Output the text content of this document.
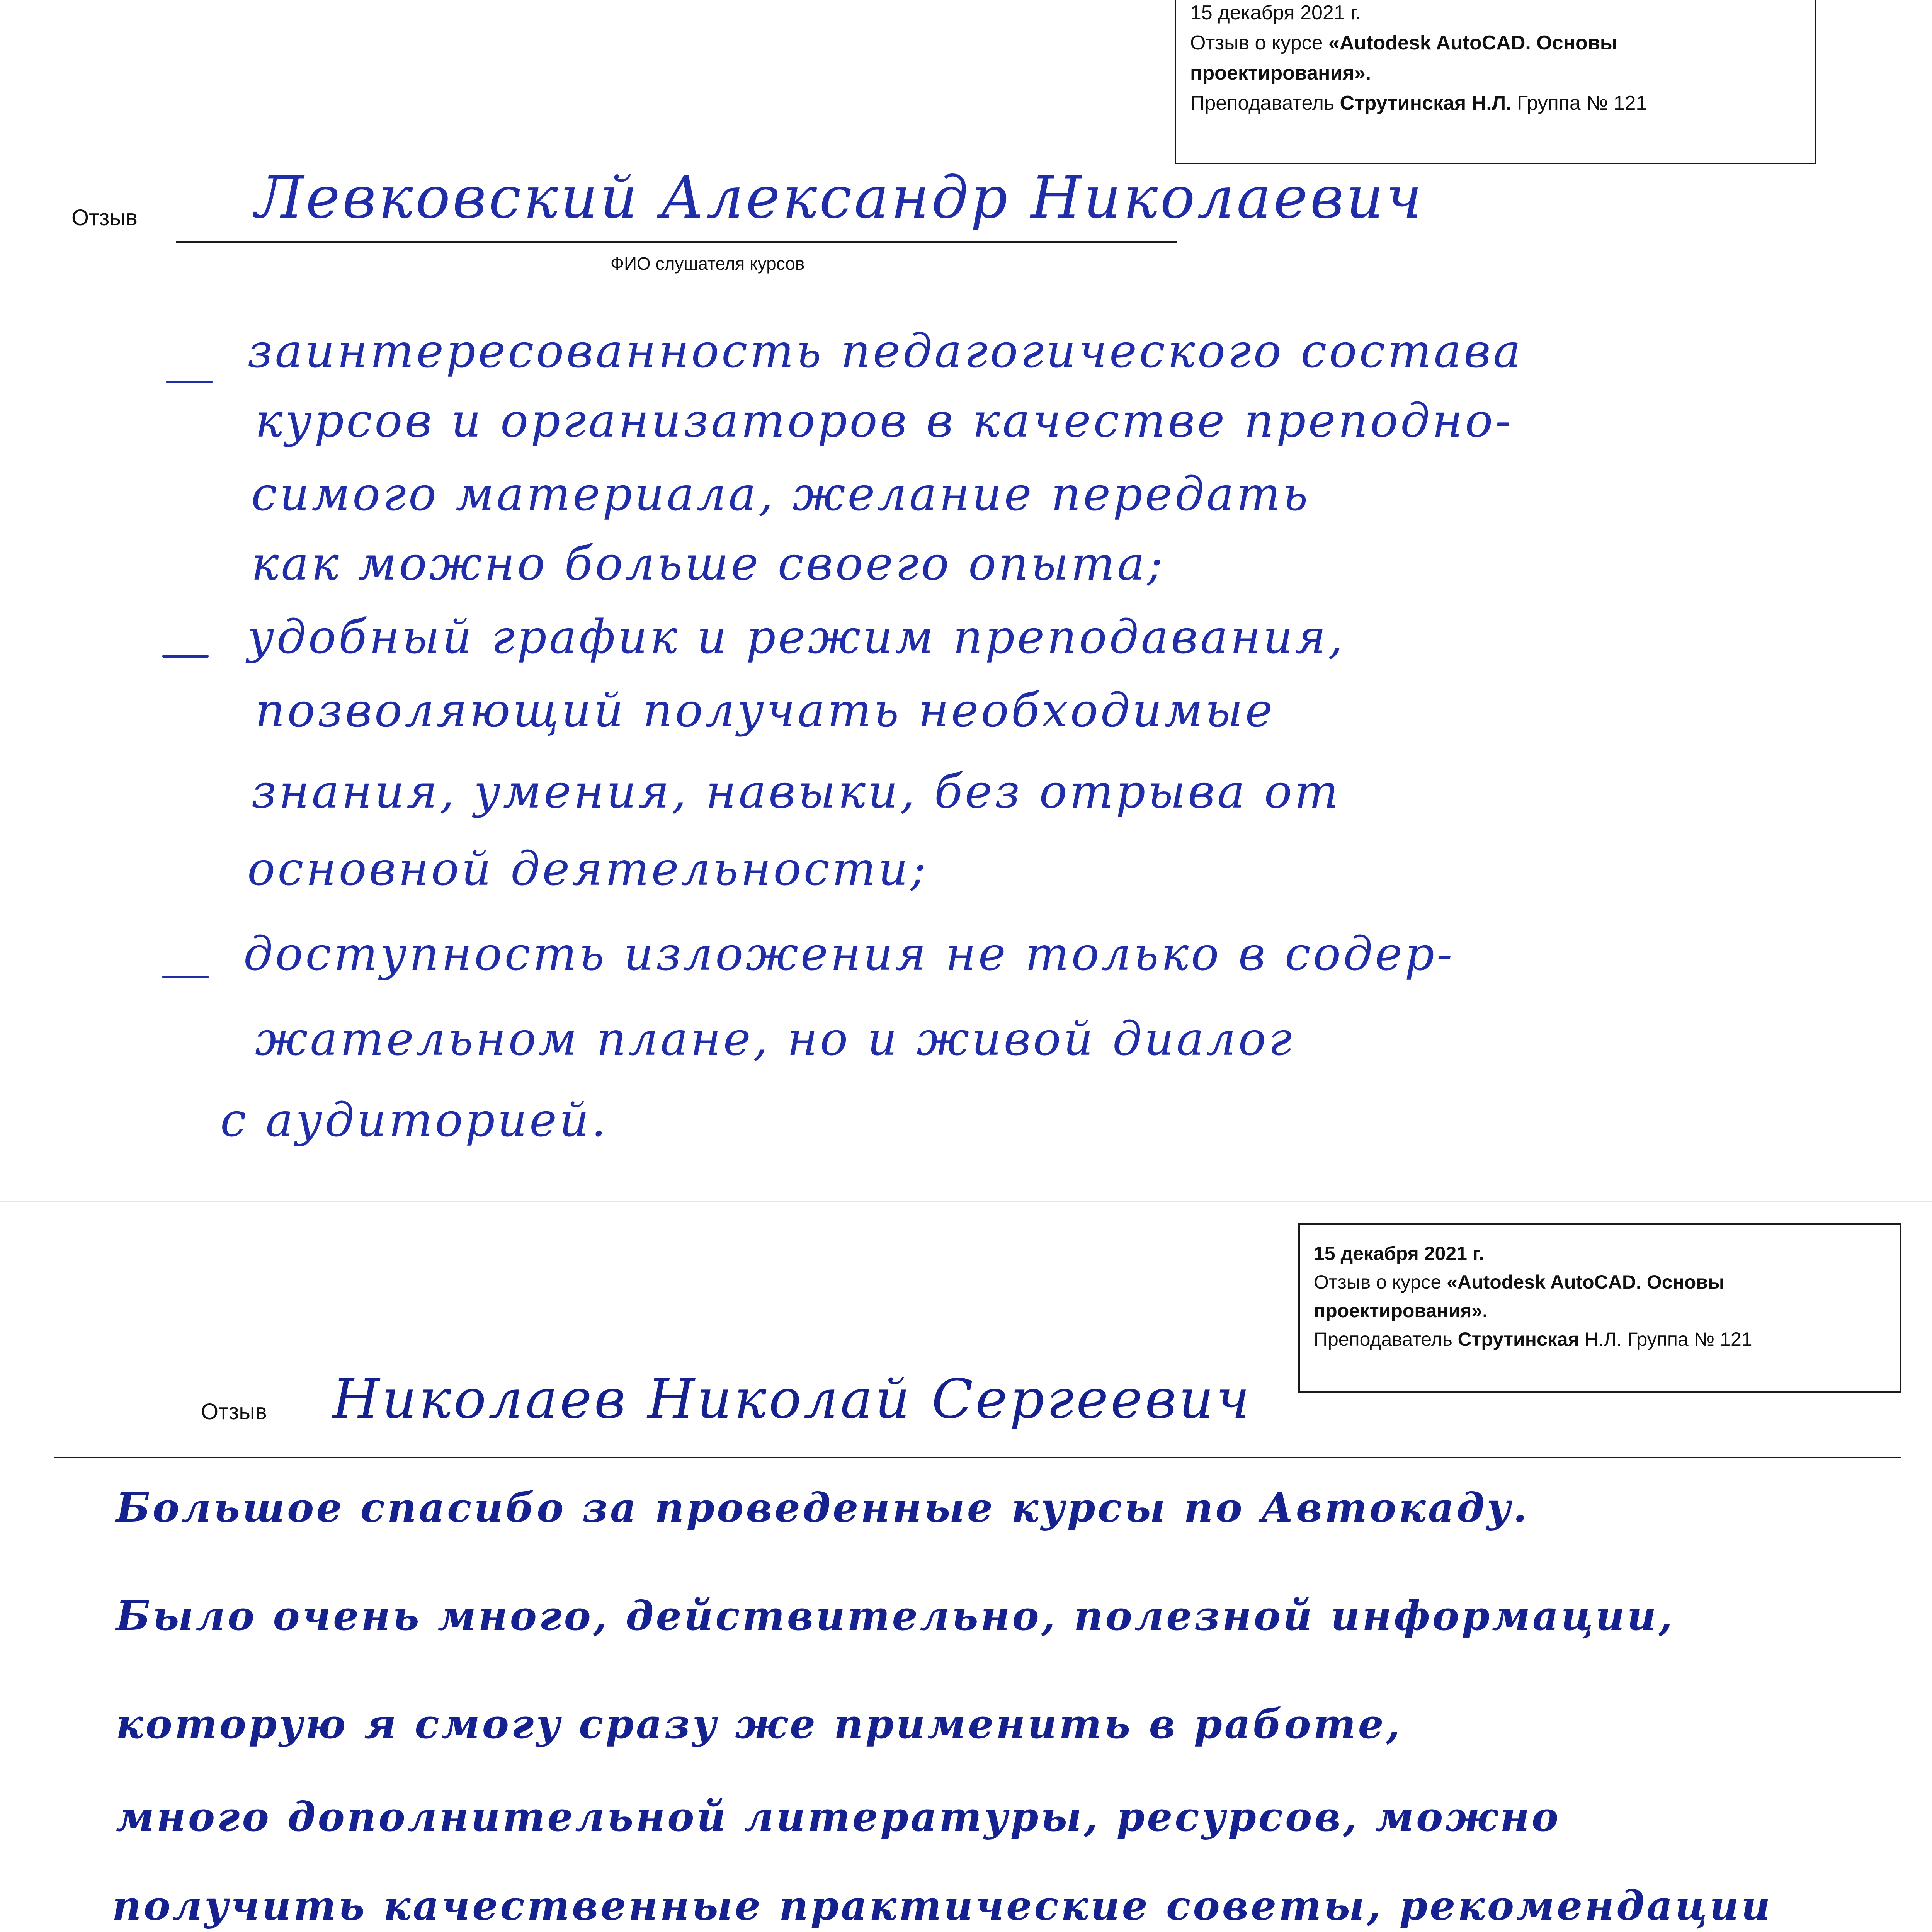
15 декабря 2021 г.
Отзыв о курсе «Autodesk AutoCAD. Основы
проектирования».
Преподаватель Струтинская Н.Л. Группа № 121
Отзыв Левковский Александр Николаевич
ФИО слушателя курсов
заинтересованность педагогического состава
курсов и организаторов в качестве преподно-
симого материала, желание передать
как можно больше своего опыта;
удобный график и режим преподавания,
позволяющий получать необходимые
знания, умения, навыки, без отрыва от
основной деятельности;
доступность изложения не только в содер-
жательном плане, но и живой диалог
с аудиторией.
15 декабря 2021 г.
Отзыв о курсе «Autodesk AutoCAD. Основы
проектирования».
Преподаватель Струтинская Н.Л. Группа № 121
Отзыв Николаев Николай Сергеевич
Большое спасибо за проведенные курсы по Автокаду.
Было очень много, действительно, полезной информации,
которую я смогу сразу же применить в работе,
много дополнительной литературы, ресурсов, можно
получить качественные практические советы, рекомендации
